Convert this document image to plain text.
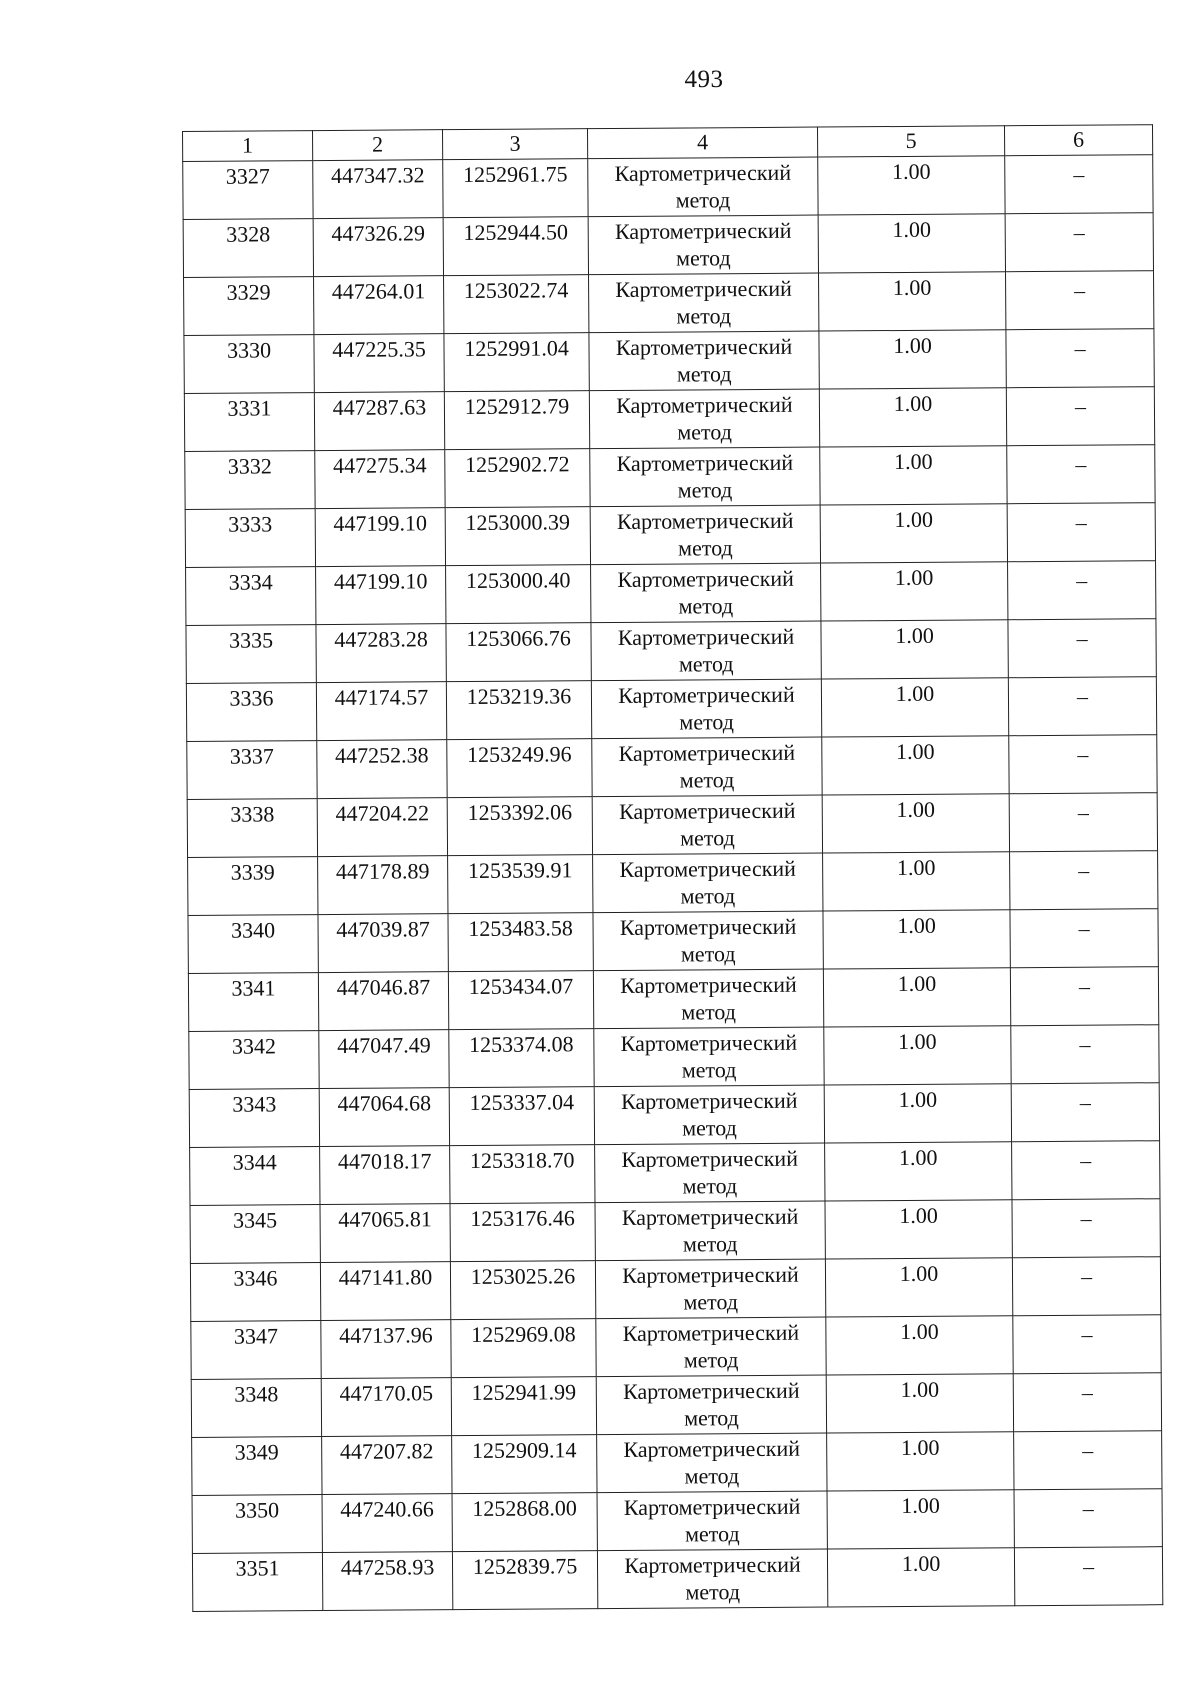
493
1	2	3	4	5	6
3327	447347.32	1252961.75	Картометрический метод	1.00	–
3328	447326.29	1252944.50	Картометрический метод	1.00	–
3329	447264.01	1253022.74	Картометрический метод	1.00	–
3330	447225.35	1252991.04	Картометрический метод	1.00	–
3331	447287.63	1252912.79	Картометрический метод	1.00	–
3332	447275.34	1252902.72	Картометрический метод	1.00	–
3333	447199.10	1253000.39	Картометрический метод	1.00	–
3334	447199.10	1253000.40	Картометрический метод	1.00	–
3335	447283.28	1253066.76	Картометрический метод	1.00	–
3336	447174.57	1253219.36	Картометрический метод	1.00	–
3337	447252.38	1253249.96	Картометрический метод	1.00	–
3338	447204.22	1253392.06	Картометрический метод	1.00	–
3339	447178.89	1253539.91	Картометрический метод	1.00	–
3340	447039.87	1253483.58	Картометрический метод	1.00	–
3341	447046.87	1253434.07	Картометрический метод	1.00	–
3342	447047.49	1253374.08	Картометрический метод	1.00	–
3343	447064.68	1253337.04	Картометрический метод	1.00	–
3344	447018.17	1253318.70	Картометрический метод	1.00	–
3345	447065.81	1253176.46	Картометрический метод	1.00	–
3346	447141.80	1253025.26	Картометрический метод	1.00	–
3347	447137.96	1252969.08	Картометрический метод	1.00	–
3348	447170.05	1252941.99	Картометрический метод	1.00	–
3349	447207.82	1252909.14	Картометрический метод	1.00	–
3350	447240.66	1252868.00	Картометрический метод	1.00	–
3351	447258.93	1252839.75	Картометрический метод	1.00	–
